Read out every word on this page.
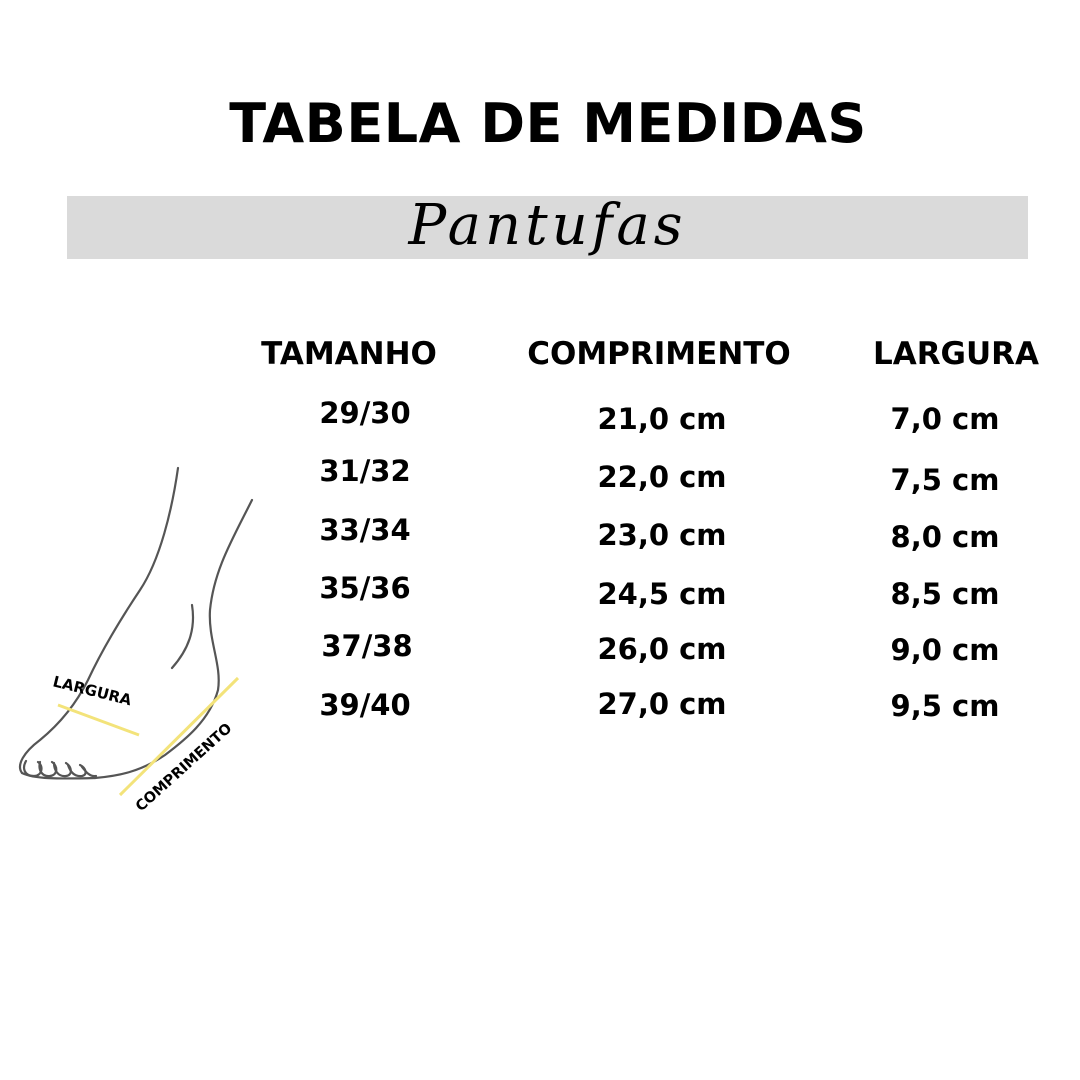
TABELA DE MEDIDAS
Pantufas
TAMANHO	COMPRIMENTO	LARGURA
29/30	21,0 cm	7,0 cm
31/32	22,0 cm	7,5 cm
33/34	23,0 cm	8,0 cm
35/36	24,5 cm	8,5 cm
37/38	26,0 cm	9,0 cm
39/40	27,0 cm	9,5 cm
LARGURA
COMPRIMENTO
